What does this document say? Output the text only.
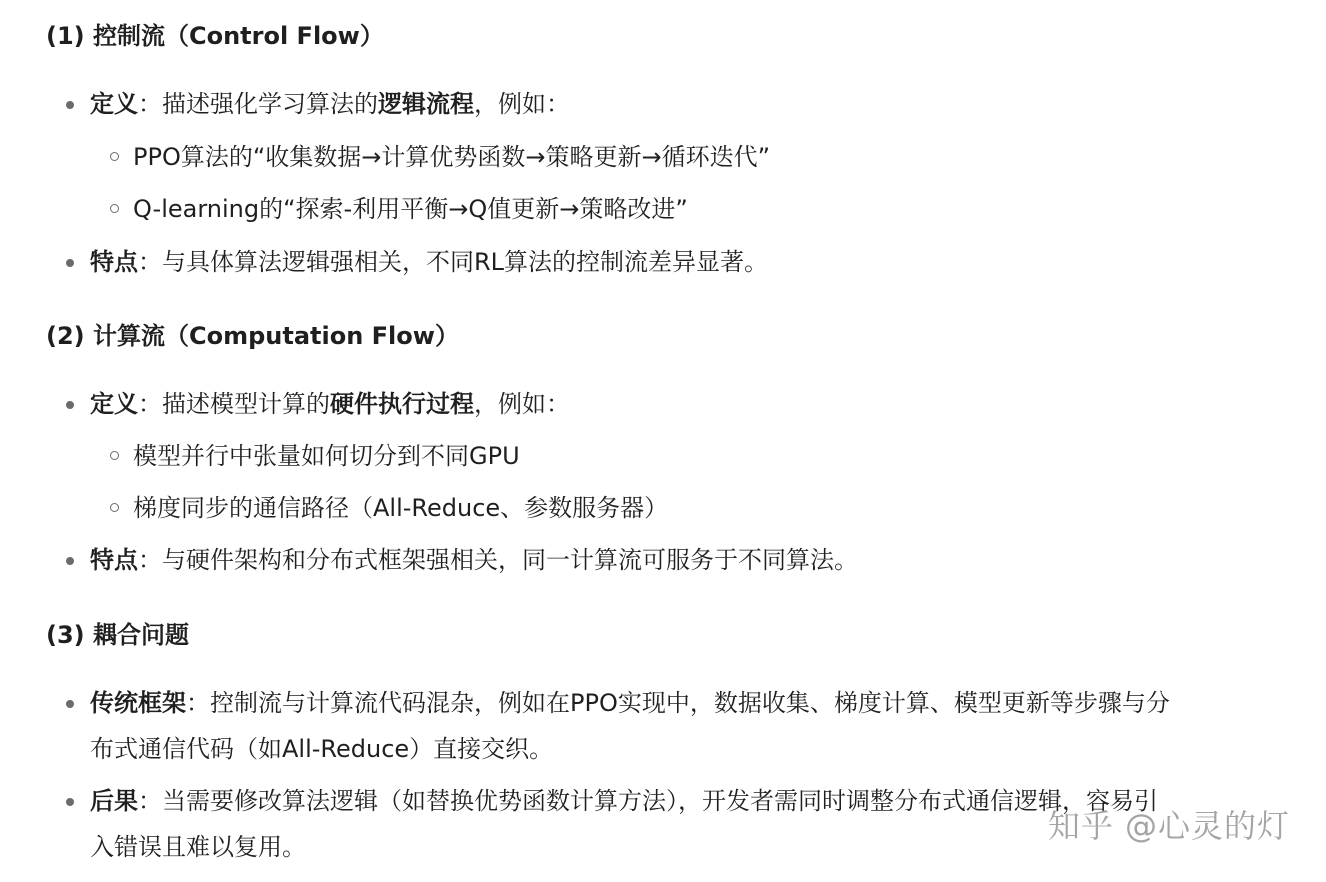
(1) 控制流（Control Flow）
定义：描述强化学习算法的逻辑流程，例如：
PPO算法的“收集数据→计算优势函数→策略更新→循环迭代”
Q-learning的“探索-利用平衡→Q值更新→策略改进”
特点：与具体算法逻辑强相关，不同RL算法的控制流差异显著。
(2) 计算流（Computation Flow）
定义：描述模型计算的硬件执行过程，例如：
模型并行中张量如何切分到不同GPU
梯度同步的通信路径（All-Reduce、参数服务器）
特点：与硬件架构和分布式框架强相关，同一计算流可服务于不同算法。
(3) 耦合问题
传统框架：控制流与计算流代码混杂，例如在PPO实现中，数据收集、梯度计算、模型更新等步骤与分
布式通信代码（如All-Reduce）直接交织。
后果：当需要修改算法逻辑（如替换优势函数计算方法），开发者需同时调整分布式通信逻辑，容易引
入错误且难以复用。
知乎 @心灵的灯
